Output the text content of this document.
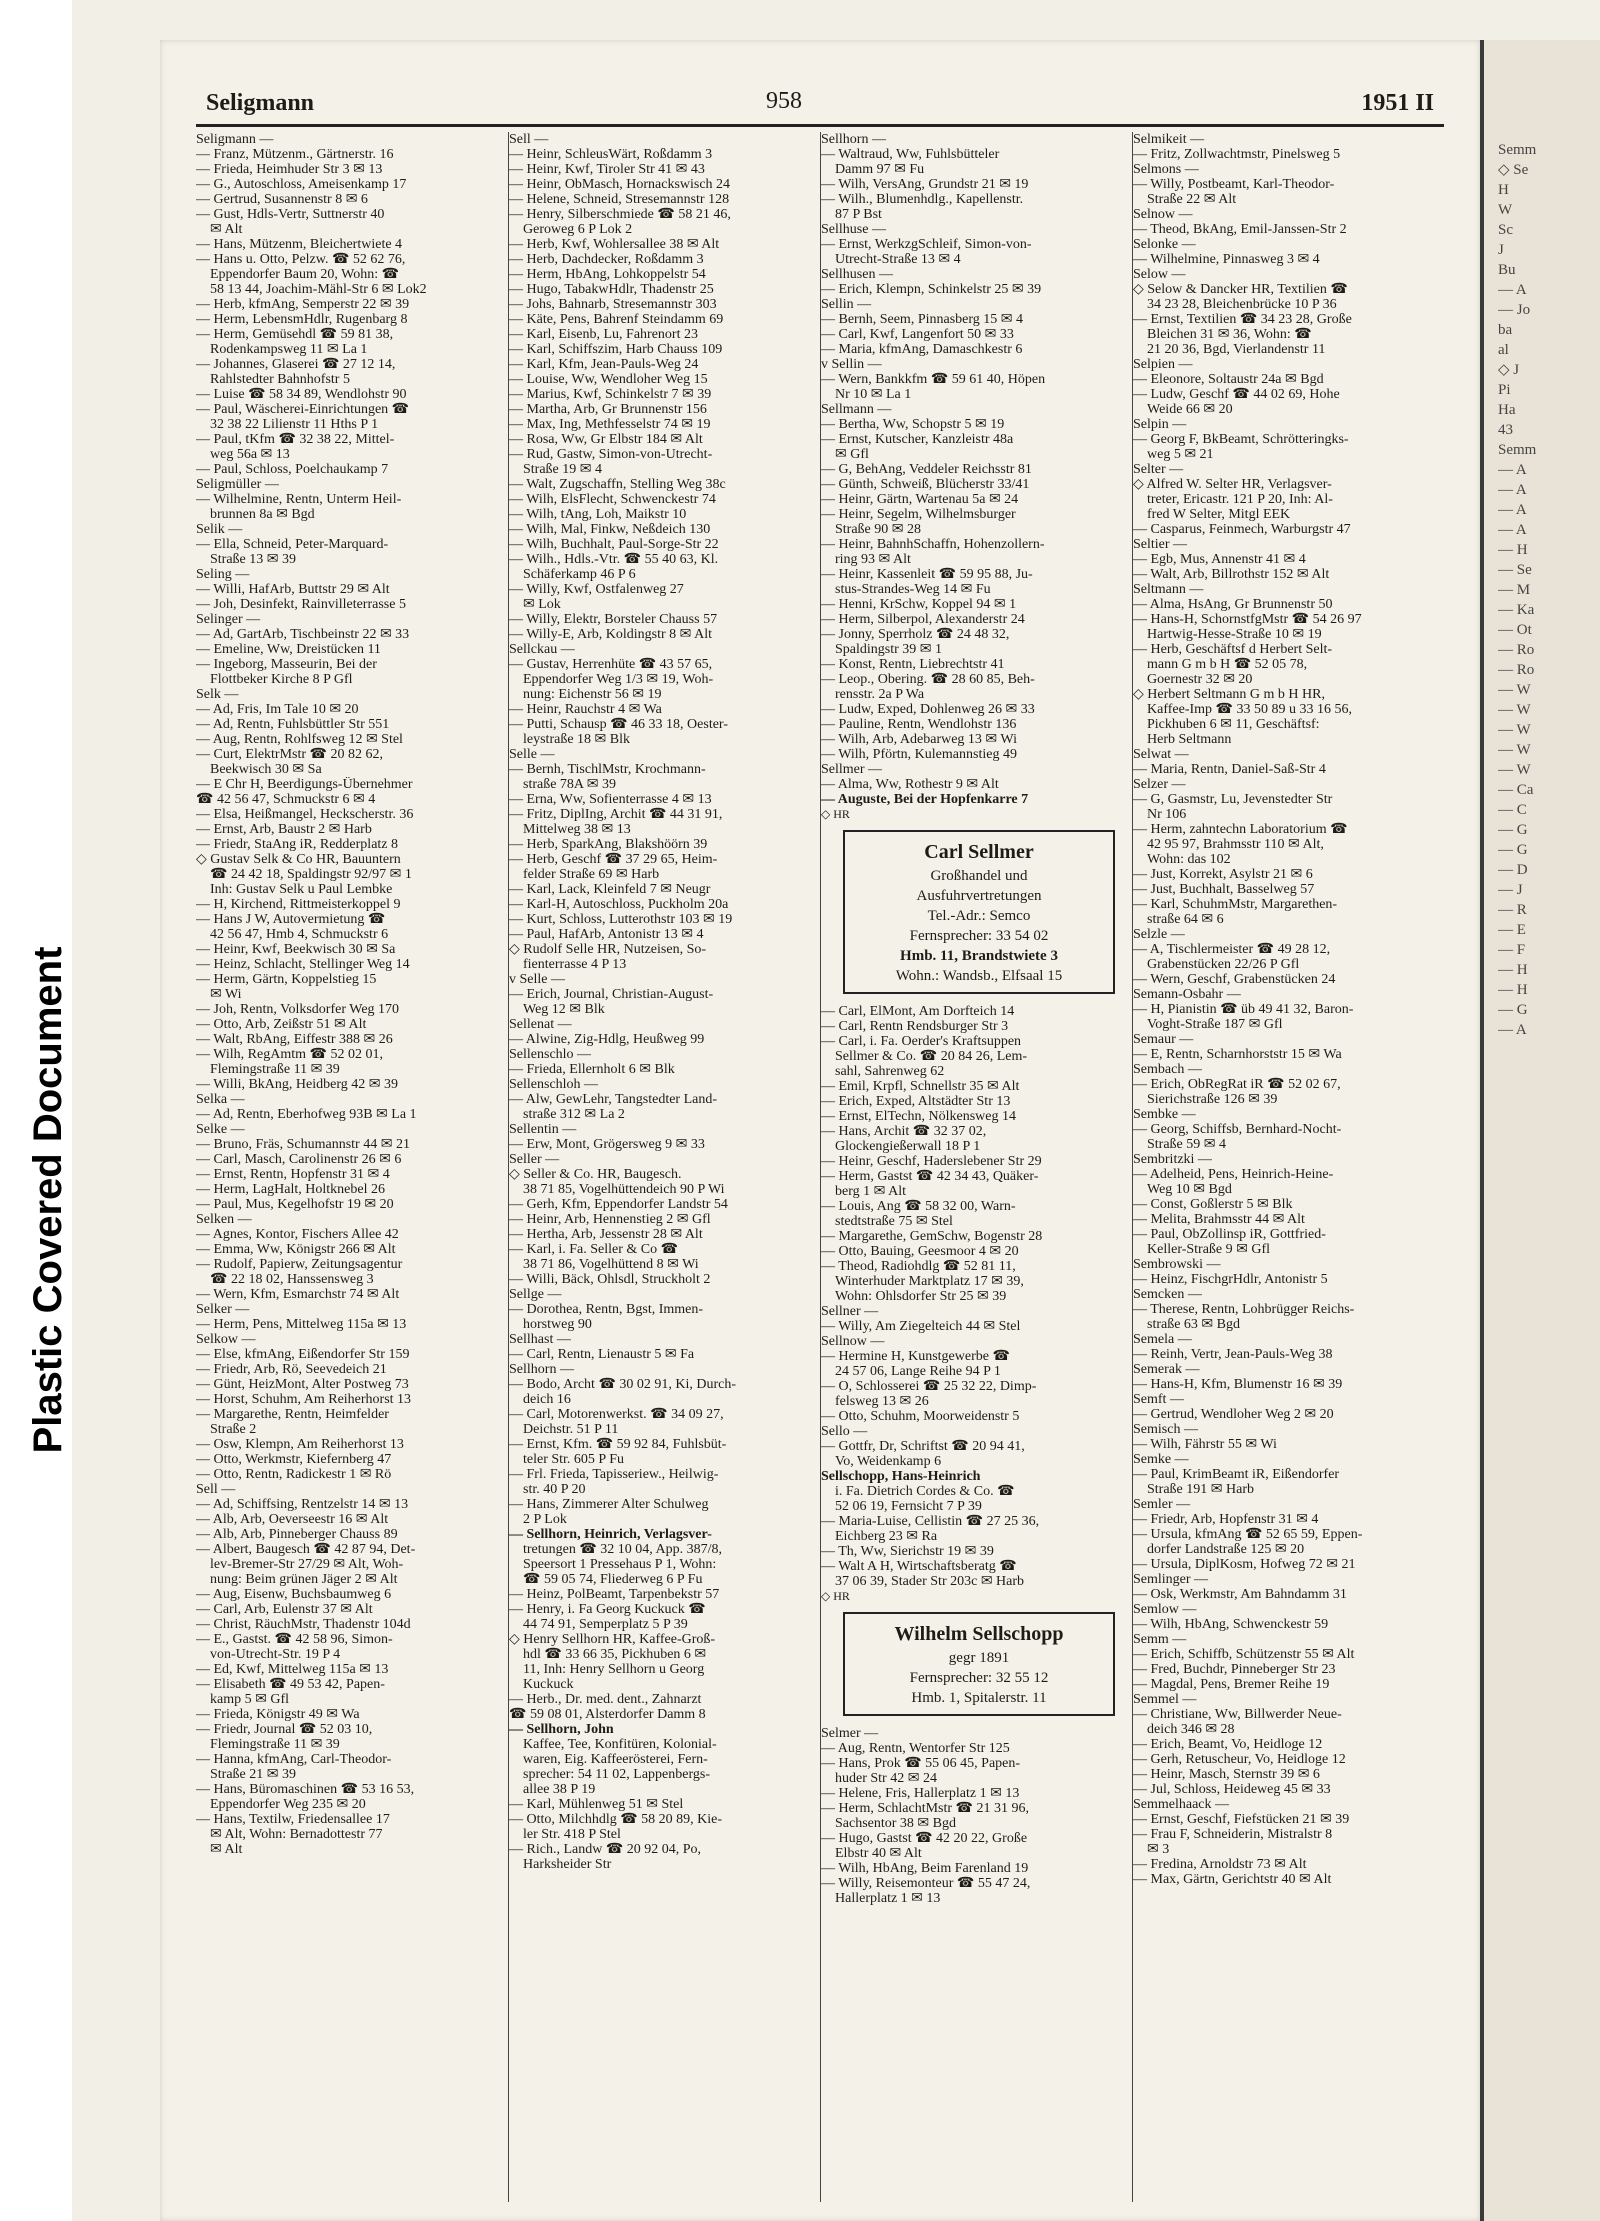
Plastic Covered Document
Seligmann	958	1951 II
Seligmann —
— Franz, Mützenm., Gärtnerstr. 16
— Frieda, Heimhuder Str 3 ✉ 13
— G., Autoschloss, Ameisenkamp 17
— Gertrud, Susannenstr 8 ✉ 6
— Gust, Hdls-Vertr, Suttnerstr 40
✉ Alt
— Hans, Mützenm, Bleichertwiete 4
— Hans u. Otto, Pelzw. ☎ 52 62 76,
Eppendorfer Baum 20, Wohn: ☎
58 13 44, Joachim-Mähl-Str 6 ✉ Lok2
— Herb, kfmAng, Semperstr 22 ✉ 39
— Herm, LebensmHdlr, Rugenbarg 8
— Herm, Gemüsehdl ☎ 59 81 38,
Rodenkampsweg 11 ✉ La 1
— Johannes, Glaserei ☎ 27 12 14,
Rahlstedter Bahnhofstr 5
— Luise ☎ 58 34 89, Wendlohstr 90
— Paul, Wäscherei-Einrichtungen ☎
32 38 22 Lilienstr 11 Hths P 1
— Paul, tKfm ☎ 32 38 22, Mittel-
weg 56a ✉ 13
— Paul, Schloss, Poelchaukamp 7
Seligmüller —
— Wilhelmine, Rentn, Unterm Heil-
brunnen 8a ✉ Bgd
Selik —
— Ella, Schneid, Peter-Marquard-
Straße 13 ✉ 39
Seling —
— Willi, HafArb, Buttstr 29 ✉ Alt
— Joh, Desinfekt, Rainvilleterrasse 5
Selinger —
— Ad, GartArb, Tischbeinstr 22 ✉ 33
— Emeline, Ww, Dreistücken 11
— Ingeborg, Masseurin, Bei der
Flottbeker Kirche 8 P Gfl
Selk —
— Ad, Fris, Im Tale 10 ✉ 20
— Ad, Rentn, Fuhlsbüttler Str 551
— Aug, Rentn, Rohlfsweg 12 ✉ Stel
— Curt, ElektrMstr ☎ 20 82 62,
Beekwisch 30 ✉ Sa
— E Chr H, Beerdigungs-Übernehmer
☎ 42 56 47, Schmuckstr 6 ✉ 4
— Elsa, Heißmangel, Heckscherstr. 36
— Ernst, Arb, Baustr 2 ✉ Harb
— Friedr, StaAng iR, Redderplatz 8
◇ Gustav Selk & Co HR, Bauuntern
☎ 24 42 18, Spaldingstr 92/97 ✉ 1
Inh: Gustav Selk u Paul Lembke
— H, Kirchend, Rittmeisterkoppel 9
— Hans J W, Autovermietung ☎
42 56 47, Hmb 4, Schmuckstr 6
— Heinr, Kwf, Beekwisch 30 ✉ Sa
— Heinz, Schlacht, Stellinger Weg 14
— Herm, Gärtn, Koppelstieg 15
✉ Wi
— Joh, Rentn, Volksdorfer Weg 170
— Otto, Arb, Zeißstr 51 ✉ Alt
— Walt, RbAng, Eiffestr 388 ✉ 26
— Wilh, RegAmtm ☎ 52 02 01,
Flemingstraße 11 ✉ 39
— Willi, BkAng, Heidberg 42 ✉ 39
Selka —
— Ad, Rentn, Eberhofweg 93B ✉ La 1
Selke —
— Bruno, Fräs, Schumannstr 44 ✉ 21
— Carl, Masch, Carolinenstr 26 ✉ 6
— Ernst, Rentn, Hopfenstr 31 ✉ 4
— Herm, LagHalt, Holtknebel 26
— Paul, Mus, Kegelhofstr 19 ✉ 20
Selken —
— Agnes, Kontor, Fischers Allee 42
— Emma, Ww, Königstr 266 ✉ Alt
— Rudolf, Papierw, Zeitungsagentur
☎ 22 18 02, Hanssensweg 3
— Wern, Kfm, Esmarchstr 74 ✉ Alt
Selker —
— Herm, Pens, Mittelweg 115a ✉ 13
Selkow —
— Else, kfmAng, Eißendorfer Str 159
— Friedr, Arb, Rö, Seevedeich 21
— Günt, HeizMont, Alter Postweg 73
— Horst, Schuhm, Am Reiherhorst 13
— Margarethe, Rentn, Heimfelder
Straße 2
— Osw, Klempn, Am Reiherhorst 13
— Otto, Werkmstr, Kiefernberg 47
— Otto, Rentn, Radickestr 1 ✉ Rö
Sell —
— Ad, Schiffsing, Rentzelstr 14 ✉ 13
— Alb, Arb, Oeverseestr 16 ✉ Alt
— Alb, Arb, Pinneberger Chauss 89
— Albert, Baugesch ☎ 42 87 94, Det-
lev-Bremer-Str 27/29 ✉ Alt, Woh-
nung: Beim grünen Jäger 2 ✉ Alt
— Aug, Eisenw, Buchsbaumweg 6
— Carl, Arb, Eulenstr 37 ✉ Alt
— Christ, RäuchMstr, Thadenstr 104d
— E., Gastst. ☎ 42 58 96, Simon-
von-Utrecht-Str. 19 P 4
— Ed, Kwf, Mittelweg 115a ✉ 13
— Elisabeth ☎ 49 53 42, Papen-
kamp 5 ✉ Gfl
— Frieda, Königstr 49 ✉ Wa
— Friedr, Journal ☎ 52 03 10,
Flemingstraße 11 ✉ 39
— Hanna, kfmAng, Carl-Theodor-
Straße 21 ✉ 39
— Hans, Büromaschinen ☎ 53 16 53,
Eppendorfer Weg 235 ✉ 20
— Hans, Textilw, Friedensallee 17
✉ Alt, Wohn: Bernadottestr 77
✉ Alt
Sell —
— Heinr, SchleusWärt, Roßdamm 3
— Heinr, Kwf, Tiroler Str 41 ✉ 43
— Heinr, ObMasch, Hornackswisch 24
— Helene, Schneid, Stresemannstr 128
— Henry, Silberschmiede ☎ 58 21 46,
Geroweg 6 P Lok 2
— Herb, Kwf, Wohlersallee 38 ✉ Alt
— Herb, Dachdecker, Roßdamm 3
— Herm, HbAng, Lohkoppelstr 54
— Hugo, TabakwHdlr, Thadenstr 25
— Johs, Bahnarb, Stresemannstr 303
— Käte, Pens, Bahrenf Steindamm 69
— Karl, Eisenb, Lu, Fahrenort 23
— Karl, Schiffszim, Harb Chauss 109
— Karl, Kfm, Jean-Pauls-Weg 24
— Louise, Ww, Wendloher Weg 15
— Marius, Kwf, Schinkelstr 7 ✉ 39
— Martha, Arb, Gr Brunnenstr 156
— Max, Ing, Methfesselstr 74 ✉ 19
— Rosa, Ww, Gr Elbstr 184 ✉ Alt
— Rud, Gastw, Simon-von-Utrecht-
Straße 19 ✉ 4
— Walt, Zugschaffn, Stelling Weg 38c
— Wilh, ElsFlecht, Schwenckestr 74
— Wilh, tAng, Loh, Maikstr 10
— Wilh, Mal, Finkw, Neßdeich 130
— Wilh, Buchhalt, Paul-Sorge-Str 22
— Wilh., Hdls.-Vtr. ☎ 55 40 63, Kl.
Schäferkamp 46 P 6
— Willy, Kwf, Ostfalenweg 27
✉ Lok
— Willy, Elektr, Borsteler Chauss 57
— Willy-E, Arb, Koldingstr 8 ✉ Alt
Sellckau —
— Gustav, Herrenhüte ☎ 43 57 65,
Eppendorfer Weg 1/3 ✉ 19, Woh-
nung: Eichenstr 56 ✉ 19
— Heinr, Rauchstr 4 ✉ Wa
— Putti, Schausp ☎ 46 33 18, Oester-
leystraße 18 ✉ Blk
Selle —
— Bernh, TischlMstr, Krochmann-
straße 78A ✉ 39
— Erna, Ww, Sofienterrasse 4 ✉ 13
— Fritz, DiplIng, Archit ☎ 44 31 91,
Mittelweg 38 ✉ 13
— Herb, SparkAng, Blakshöörn 39
— Herb, Geschf ☎ 37 29 65, Heim-
felder Straße 69 ✉ Harb
— Karl, Lack, Kleinfeld 7 ✉ Neugr
— Karl-H, Autoschloss, Puckholm 20a
— Kurt, Schloss, Lutterothstr 103 ✉ 19
— Paul, HafArb, Antonistr 13 ✉ 4
◇ Rudolf Selle HR, Nutzeisen, So-
fienterrasse 4 P 13
v Selle —
— Erich, Journal, Christian-August-
Weg 12 ✉ Blk
Sellenat —
— Alwine, Zig-Hdlg, Heußweg 99
Sellenschlo —
— Frieda, Ellernholt 6 ✉ Blk
Sellenschloh —
— Alw, GewLehr, Tangstedter Land-
straße 312 ✉ La 2
Sellentin —
— Erw, Mont, Grögersweg 9 ✉ 33
Seller —
◇ Seller & Co. HR, Baugesch.
38 71 85, Vogelhüttendeich 90 P Wi
— Gerh, Kfm, Eppendorfer Landstr 54
— Heinr, Arb, Hennenstieg 2 ✉ Gfl
— Hertha, Arb, Jessenstr 28 ✉ Alt
— Karl, i. Fa. Seller & Co ☎
38 71 86, Vogelhüttend 8 ✉ Wi
— Willi, Bäck, Ohlsdl, Struckholt 2
Sellge —
— Dorothea, Rentn, Bgst, Immen-
horstweg 90
Sellhast —
— Carl, Rentn, Lienaustr 5 ✉ Fa
Sellhorn —
— Bodo, Archt ☎ 30 02 91, Ki, Durch-
deich 16
— Carl, Motorenwerkst. ☎ 34 09 27,
Deichstr. 51 P 11
— Ernst, Kfm. ☎ 59 92 84, Fuhlsbüt-
teler Str. 605 P Fu
— Frl. Frieda, Tapisseriew., Heilwig-
str. 40 P 20
— Hans, Zimmerer Alter Schulweg
2 P Lok
— Sellhorn, Heinrich, Verlagsver-
tretungen ☎ 32 10 04, App. 387/8,
Speersort 1 Pressehaus P 1, Wohn:
☎ 59 05 74, Fliederweg 6 P Fu
— Heinz, PolBeamt, Tarpenbekstr 57
— Henry, i. Fa Georg Kuckuck ☎
44 74 91, Semperplatz 5 P 39
◇ Henry Sellhorn HR, Kaffee-Groß-
hdl ☎ 33 66 35, Pickhuben 6 ✉
11, Inh: Henry Sellhorn u Georg
Kuckuck
— Herb., Dr. med. dent., Zahnarzt
☎ 59 08 01, Alsterdorfer Damm 8
— Sellhorn, John
Kaffee, Tee, Konfitüren, Kolonial-
waren, Eig. Kaffeerösterei, Fern-
sprecher: 54 11 02, Lappenbergs-
allee 38 P 19
— Karl, Mühlenweg 51 ✉ Stel
— Otto, Milchhdlg ☎ 58 20 89, Kie-
ler Str. 418 P Stel
— Rich., Landw ☎ 20 92 04, Po,
Harksheider Str
Sellhorn —
— Waltraud, Ww, Fuhlsbütteler
Damm 97 ✉ Fu
— Wilh, VersAng, Grundstr 21 ✉ 19
— Wilh., Blumenhdlg., Kapellenstr.
87 P Bst
Sellhuse —
— Ernst, WerkzgSchleif, Simon-von-
Utrecht-Straße 13 ✉ 4
Sellhusen —
— Erich, Klempn, Schinkelstr 25 ✉ 39
Sellin —
— Bernh, Seem, Pinnasberg 15 ✉ 4
— Carl, Kwf, Langenfort 50 ✉ 33
— Maria, kfmAng, Damaschkestr 6
v Sellin —
— Wern, Bankkfm ☎ 59 61 40, Höpen
Nr 10 ✉ La 1
Sellmann —
— Bertha, Ww, Schopstr 5 ✉ 19
— Ernst, Kutscher, Kanzleistr 48a
✉ Gfl
— G, BehAng, Veddeler Reichsstr 81
— Günth, Schweiß, Blücherstr 33/41
— Heinr, Gärtn, Wartenau 5a ✉ 24
— Heinr, Segelm, Wilhelmsburger
Straße 90 ✉ 28
— Heinr, BahnhSchaffn, Hohenzollern-
ring 93 ✉ Alt
— Heinr, Kassenleit ☎ 59 95 88, Ju-
stus-Strandes-Weg 14 ✉ Fu
— Henni, KrSchw, Koppel 94 ✉ 1
— Herm, Silberpol, Alexanderstr 24
— Jonny, Sperrholz ☎ 24 48 32,
Spaldingstr 39 ✉ 1
— Konst, Rentn, Liebrechtstr 41
— Leop., Obering. ☎ 28 60 85, Beh-
rensstr. 2a P Wa
— Ludw, Exped, Dohlenweg 26 ✉ 33
— Pauline, Rentn, Wendlohstr 136
— Wilh, Arb, Adebarweg 13 ✉ Wi
— Wilh, Pförtn, Kulemannstieg 49
Sellmer —
— Alma, Ww, Rothestr 9 ✉ Alt
— Auguste, Bei der Hopfenkarre 7
◇ HR
Carl Sellmer
Großhandel und
Ausfuhrvertretungen
Tel.-Adr.: Semco
Fernsprecher: 33 54 02
Hmb. 11, Brandstwiete 3
Wohn.: Wandsb., Elfsaal 15
— Carl, ElMont, Am Dorfteich 14
— Carl, Rentn Rendsburger Str 3
— Carl, i. Fa. Oerder's Kraftsuppen
Sellmer & Co. ☎ 20 84 26, Lem-
sahl, Sahrenweg 62
— Emil, Krpfl, Schnellstr 35 ✉ Alt
— Erich, Exped, Altstädter Str 13
— Ernst, ElTechn, Nölkensweg 14
— Hans, Archit ☎ 32 37 02,
Glockengießerwall 18 P 1
— Heinr, Geschf, Haderslebener Str 29
— Herm, Gastst ☎ 42 34 43, Quäker-
berg 1 ✉ Alt
— Louis, Ang ☎ 58 32 00, Warn-
stedtstraße 75 ✉ Stel
— Margarethe, GemSchw, Bogenstr 28
— Otto, Bauing, Geesmoor 4 ✉ 20
— Theod, Radiohdlg ☎ 52 81 11,
Winterhuder Marktplatz 17 ✉ 39,
Wohn: Ohlsdorfer Str 25 ✉ 39
Sellner —
— Willy, Am Ziegelteich 44 ✉ Stel
Sellnow —
— Hermine H, Kunstgewerbe ☎
24 57 06, Lange Reihe 94 P 1
— O, Schlosserei ☎ 25 32 22, Dimp-
felsweg 13 ✉ 26
— Otto, Schuhm, Moorweidenstr 5
Sello —
— Gottfr, Dr, Schriftst ☎ 20 94 41,
Vo, Weidenkamp 6
Sellschopp, Hans-Heinrich
i. Fa. Dietrich Cordes & Co. ☎
52 06 19, Fernsicht 7 P 39
— Maria-Luise, Cellistin ☎ 27 25 36,
Eichberg 23 ✉ Ra
— Th, Ww, Sierichstr 19 ✉ 39
— Walt A H, Wirtschaftsberatg ☎
37 06 39, Stader Str 203c ✉ Harb
◇ HR
Wilhelm Sellschopp
gegr 1891
Fernsprecher: 32 55 12
Hmb. 1, Spitalerstr. 11
Selmer —
— Aug, Rentn, Wentorfer Str 125
— Hans, Prok ☎ 55 06 45, Papen-
huder Str 42 ✉ 24
— Helene, Fris, Hallerplatz 1 ✉ 13
— Herm, SchlachtMstr ☎ 21 31 96,
Sachsentor 38 ✉ Bgd
— Hugo, Gastst ☎ 42 20 22, Große
Elbstr 40 ✉ Alt
— Wilh, HbAng, Beim Farenland 19
— Willy, Reisemonteur ☎ 55 47 24,
Hallerplatz 1 ✉ 13
Selmikeit —
— Fritz, Zollwachtmstr, Pinelsweg 5
Selmons —
— Willy, Postbeamt, Karl-Theodor-
Straße 22 ✉ Alt
Selnow —
— Theod, BkAng, Emil-Janssen-Str 2
Selonke —
— Wilhelmine, Pinnasweg 3 ✉ 4
Selow —
◇ Selow & Dancker HR, Textilien ☎
34 23 28, Bleichenbrücke 10 P 36
— Ernst, Textilien ☎ 34 23 28, Große
Bleichen 31 ✉ 36, Wohn: ☎
21 20 36, Bgd, Vierlandenstr 11
Selpien —
— Eleonore, Soltaustr 24a ✉ Bgd
— Ludw, Geschf ☎ 44 02 69, Hohe
Weide 66 ✉ 20
Selpin —
— Georg F, BkBeamt, Schrötteringks-
weg 5 ✉ 21
Selter —
◇ Alfred W. Selter HR, Verlagsver-
treter, Ericastr. 121 P 20, Inh: Al-
fred W Selter, Mitgl EEK
— Casparus, Feinmech, Warburgstr 47
Seltier —
— Egb, Mus, Annenstr 41 ✉ 4
— Walt, Arb, Billrothstr 152 ✉ Alt
Seltmann —
— Alma, HsAng, Gr Brunnenstr 50
— Hans-H, SchornstfgMstr ☎ 54 26 97
Hartwig-Hesse-Straße 10 ✉ 19
— Herb, Geschäftsf d Herbert Selt-
mann G m b H ☎ 52 05 78,
Goernestr 32 ✉ 20
◇ Herbert Seltmann G m b H HR,
Kaffee-Imp ☎ 33 50 89 u 33 16 56,
Pickhuben 6 ✉ 11, Geschäftsf:
Herb Seltmann
Selwat —
— Maria, Rentn, Daniel-Saß-Str 4
Selzer —
— G, Gasmstr, Lu, Jevenstedter Str
Nr 106
— Herm, zahntechn Laboratorium ☎
42 95 97, Brahmsstr 110 ✉ Alt,
Wohn: das 102
— Just, Korrekt, Asylstr 21 ✉ 6
— Just, Buchhalt, Basselweg 57
— Karl, SchuhmMstr, Margarethen-
straße 64 ✉ 6
Selzle —
— A, Tischlermeister ☎ 49 28 12,
Grabenstücken 22/26 P Gfl
— Wern, Geschf, Grabenstücken 24
Semann-Osbahr —
— H, Pianistin ☎ üb 49 41 32, Baron-
Voght-Straße 187 ✉ Gfl
Semaur —
— E, Rentn, Scharnhorststr 15 ✉ Wa
Sembach —
— Erich, ObRegRat iR ☎ 52 02 67,
Sierichstraße 126 ✉ 39
Sembke —
— Georg, Schiffsb, Bernhard-Nocht-
Straße 59 ✉ 4
Sembritzki —
— Adelheid, Pens, Heinrich-Heine-
Weg 10 ✉ Bgd
— Const, Goßlerstr 5 ✉ Blk
— Melita, Brahmsstr 44 ✉ Alt
— Paul, ObZollinsp iR, Gottfried-
Keller-Straße 9 ✉ Gfl
Sembrowski —
— Heinz, FischgrHdlr, Antonistr 5
Semcken —
— Therese, Rentn, Lohbrügger Reichs-
straße 63 ✉ Bgd
Semela —
— Reinh, Vertr, Jean-Pauls-Weg 38
Semerak —
— Hans-H, Kfm, Blumenstr 16 ✉ 39
Semft —
— Gertrud, Wendloher Weg 2 ✉ 20
Semisch —
— Wilh, Fährstr 55 ✉ Wi
Semke —
— Paul, KrimBeamt iR, Eißendorfer
Straße 191 ✉ Harb
Semler —
— Friedr, Arb, Hopfenstr 31 ✉ 4
— Ursula, kfmAng ☎ 52 65 59, Eppen-
dorfer Landstraße 125 ✉ 20
— Ursula, DiplKosm, Hofweg 72 ✉ 21
Semlinger —
— Osk, Werkmstr, Am Bahndamm 31
Semlow —
— Wilh, HbAng, Schwenckestr 59
Semm —
— Erich, Schiffb, Schützenstr 55 ✉ Alt
— Fred, Buchdr, Pinneberger Str 23
— Magdal, Pens, Bremer Reihe 19
Semmel —
— Christiane, Ww, Billwerder Neue-
deich 346 ✉ 28
— Erich, Beamt, Vo, Heidloge 12
— Gerh, Retuscheur, Vo, Heidloge 12
— Heinr, Masch, Sternstr 39 ✉ 6
— Jul, Schloss, Heideweg 45 ✉ 33
Semmelhaack —
— Ernst, Geschf, Fiefstücken 21 ✉ 39
— Frau F, Schneiderin, Mistralstr 8
✉ 3
— Fredina, Arnoldstr 73 ✉ Alt
— Max, Gärtn, Gerichtstr 40 ✉ Alt
Semm
◇ Se
H
W
Sc
J
Bu
— A
— Jo
ba
al
◇ J
Pi
Ha
43
Semm
— A
— A
— A
— A
— H
— Se
— M
— Ka
— Ot
— Ro
— Ro
— W
— W
— W
— W
— W
— Ca
— C
— G
— G
— D
— J
— R
— E
— F
— H
— H
— G
— A
